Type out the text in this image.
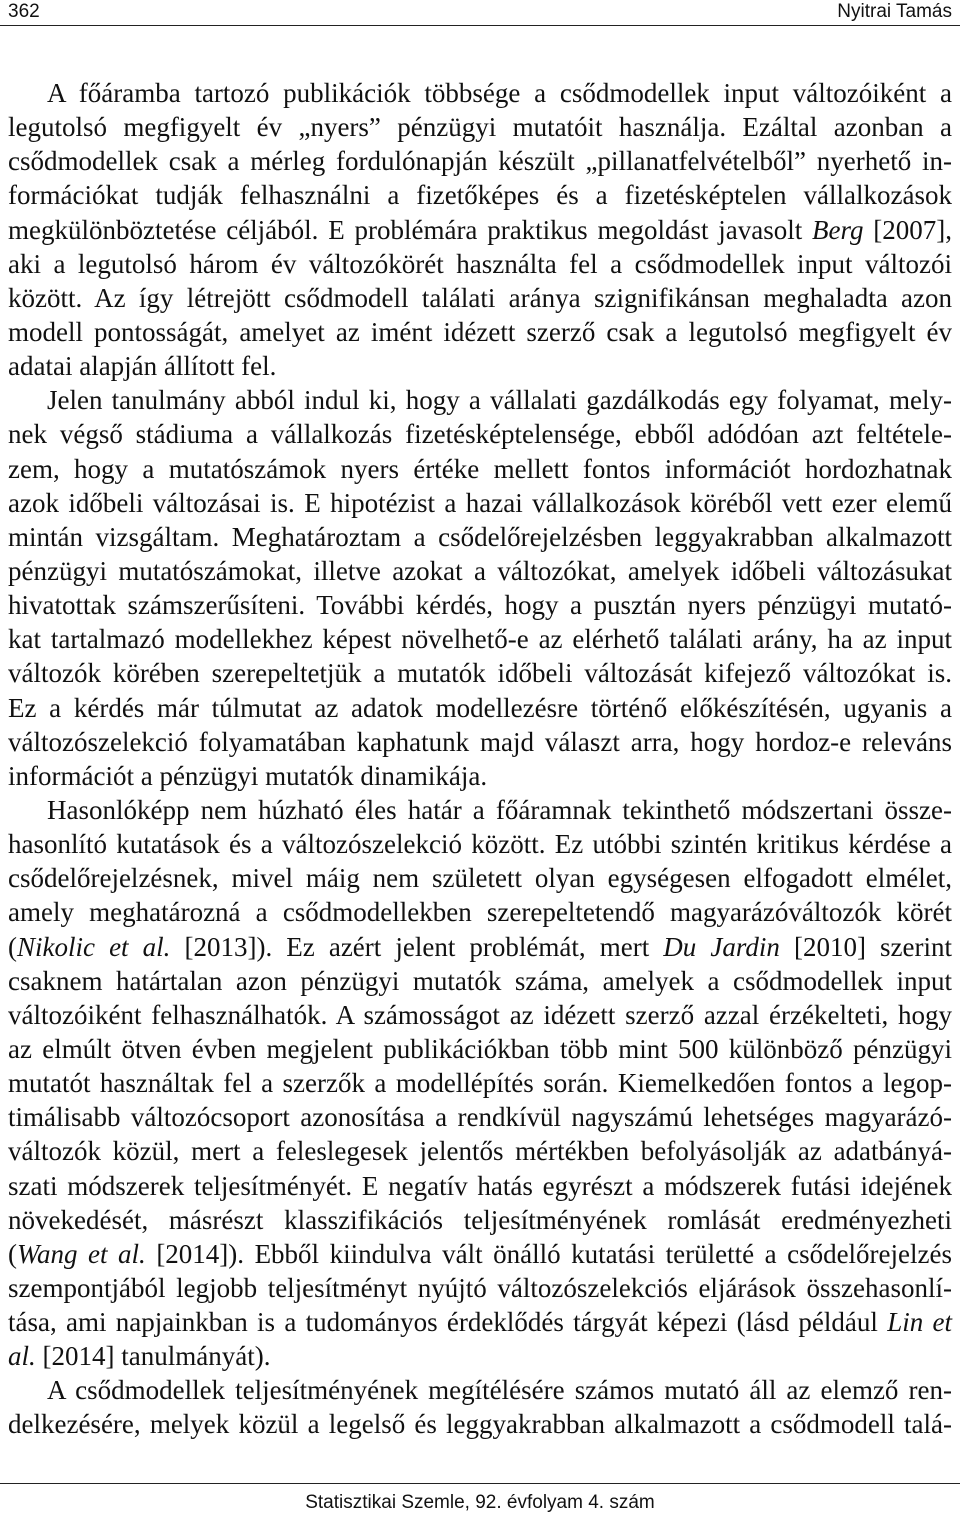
362	Nyitrai Tamás
A főáramba tartozó publikációk többsége a csődmodellek input változóiként a
legutolsó megfigyelt év „nyers” pénzügyi mutatóit használja. Ezáltal azonban a
csődmodellek csak a mérleg fordulónapján készült „pillanatfelvételből” nyerhető in-
formációkat tudják felhasználni a fizetőképes és a fizetésképtelen vállalkozások
megkülönböztetése céljából. E problémára praktikus megoldást javasolt Berg [2007],
aki a legutolsó három év változókörét használta fel a csődmodellek input változói
között. Az így létrejött csődmodell találati aránya szignifikánsan meghaladta azon
modell pontosságát, amelyet az imént idézett szerző csak a legutolsó megfigyelt év
adatai alapján állított fel.
Jelen tanulmány abból indul ki, hogy a vállalati gazdálkodás egy folyamat, mely-
nek végső stádiuma a vállalkozás fizetésképtelensége, ebből adódóan azt feltétele-
zem, hogy a mutatószámok nyers értéke mellett fontos információt hordozhatnak
azok időbeli változásai is. E hipotézist a hazai vállalkozások köréből vett ezer elemű
mintán vizsgáltam. Meghatároztam a csődelőrejelzésben leggyakrabban alkalmazott
pénzügyi mutatószámokat, illetve azokat a változókat, amelyek időbeli változásukat
hivatottak számszerűsíteni. További kérdés, hogy a pusztán nyers pénzügyi mutató-
kat tartalmazó modellekhez képest növelhető-e az elérhető találati arány, ha az input
változók körében szerepeltetjük a mutatók időbeli változását kifejező változókat is.
Ez a kérdés már túlmutat az adatok modellezésre történő előkészítésén, ugyanis a
változószelekció folyamatában kaphatunk majd választ arra, hogy hordoz-e releváns
információt a pénzügyi mutatók dinamikája.
Hasonlóképp nem húzható éles határ a főáramnak tekinthető módszertani össze-
hasonlító kutatások és a változószelekció között. Ez utóbbi szintén kritikus kérdése a
csődelőrejelzésnek, mivel máig nem született olyan egységesen elfogadott elmélet,
amely meghatározná a csődmodellekben szerepeltetendő magyarázóváltozók körét
(Nikolic et al. [2013]). Ez azért jelent problémát, mert Du Jardin [2010] szerint
csaknem határtalan azon pénzügyi mutatók száma, amelyek a csődmodellek input
változóiként felhasználhatók. A számosságot az idézett szerző azzal érzékelteti, hogy
az elmúlt ötven évben megjelent publikációkban több mint 500 különböző pénzügyi
mutatót használtak fel a szerzők a modellépítés során. Kiemelkedően fontos a legop-
timálisabb változócsoport azonosítása a rendkívül nagyszámú lehetséges magyarázó-
változók közül, mert a feleslegesek jelentős mértékben befolyásolják az adatbányá-
szati módszerek teljesítményét. E negatív hatás egyrészt a módszerek futási idejének
növekedését, másrészt klasszifikációs teljesítményének romlását eredményezheti
(Wang et al. [2014]). Ebből kiindulva vált önálló kutatási területté a csődelőrejelzés
szempontjából legjobb teljesítményt nyújtó változószelekciós eljárások összehasonlí-
tása, ami napjainkban is a tudományos érdeklődés tárgyát képezi (lásd például Lin et
al. [2014] tanulmányát).
A csődmodellek teljesítményének megítélésére számos mutató áll az elemző ren-
delkezésére, melyek közül a legelső és leggyakrabban alkalmazott a csődmodell talá-
Statisztikai Szemle, 92. évfolyam 4. szám
